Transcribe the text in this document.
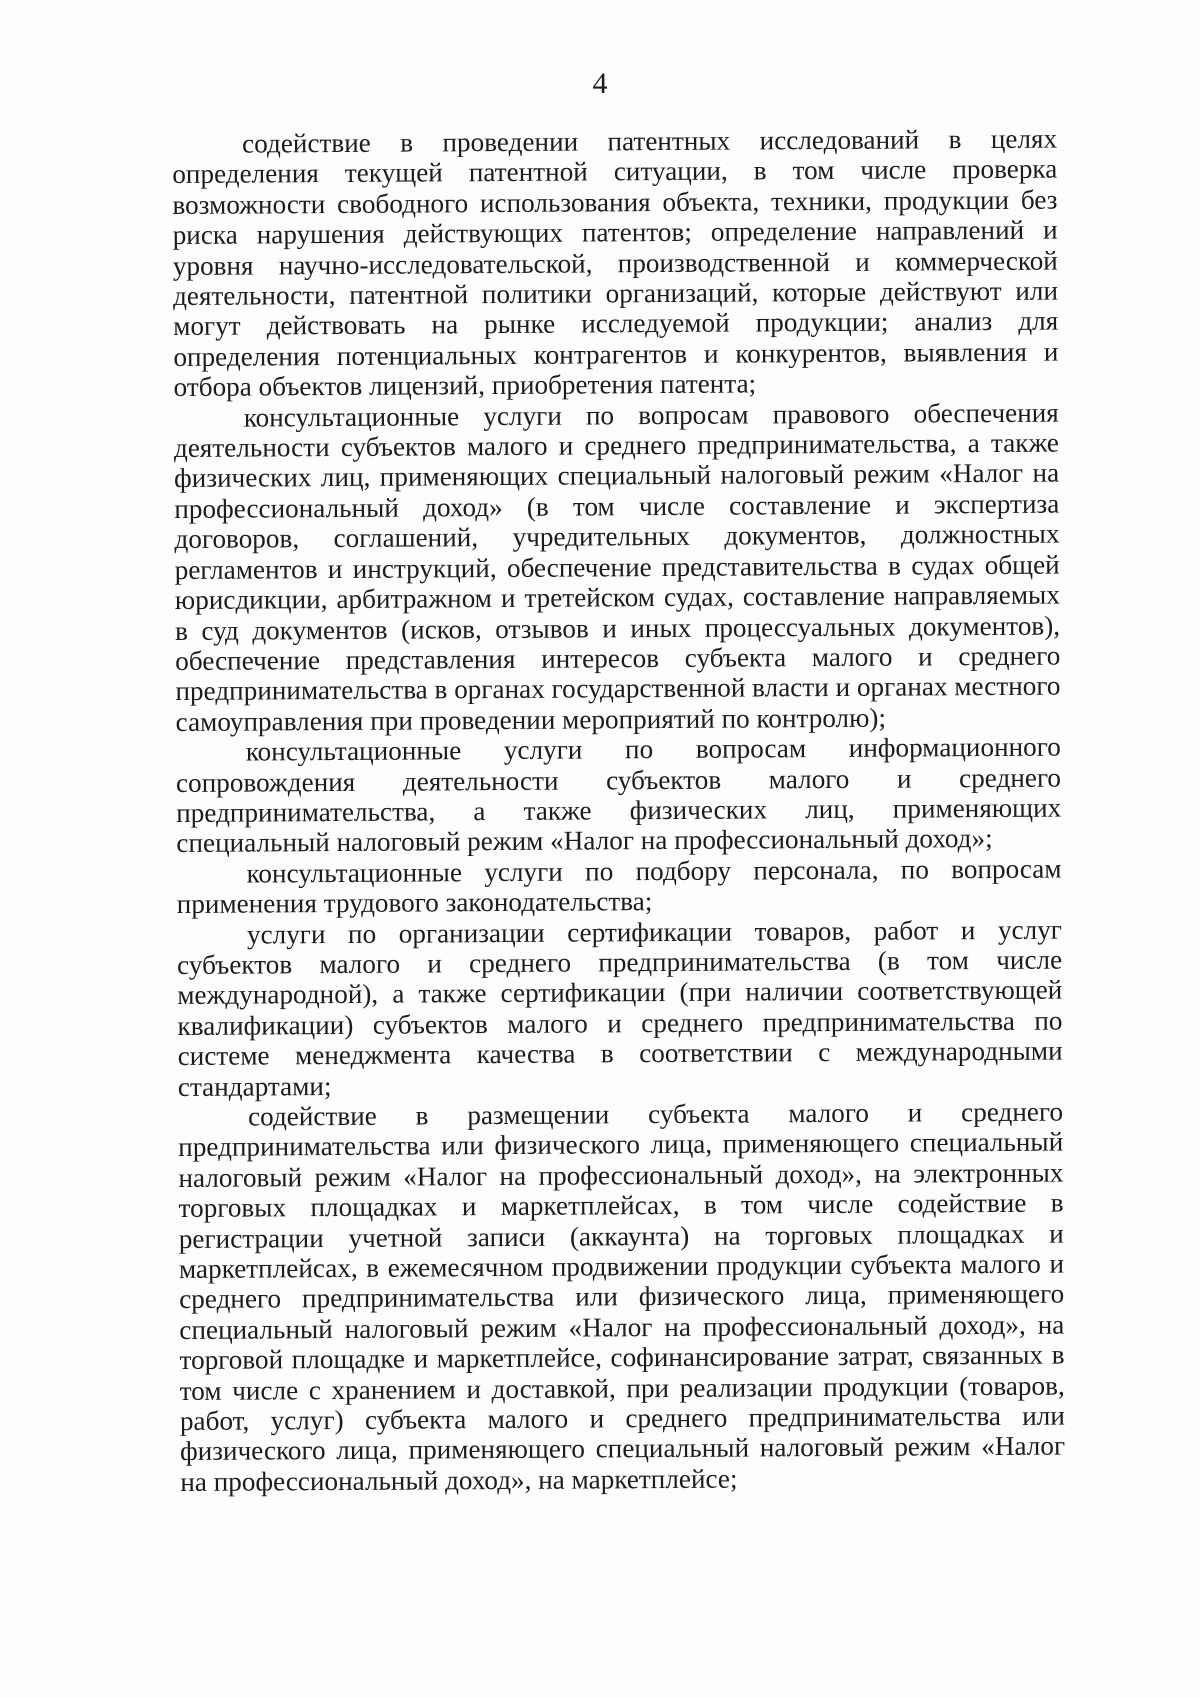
4

содействие в проведении патентных исследований в целях определения текущей патентной ситуации, в том числе проверка возможности свободного использования объекта, техники, продукции без риска нарушения действующих патентов; определение направлений и уровня научно-исследовательской, производственной и коммерческой деятельности, патентной политики организаций, которые действуют или могут действовать на рынке исследуемой продукции; анализ для определения потенциальных контрагентов и конкурентов, выявления и отбора объектов лицензий, приобретения патента;

консультационные услуги по вопросам правового обеспечения деятельности субъектов малого и среднего предпринимательства, а также физических лиц, применяющих специальный налоговый режим «Налог на профессиональный доход» (в том числе составление и экспертиза договоров, соглашений, учредительных документов, должностных регламентов и инструкций, обеспечение представительства в судах общей юрисдикции, арбитражном и третейском судах, составление направляемых в суд документов (исков, отзывов и иных процессуальных документов), обеспечение представления интересов субъекта малого и среднего предпринимательства в органах государственной власти и органах местного самоуправления при проведении мероприятий по контролю);

консультационные услуги по вопросам информационного сопровождения деятельности субъектов малого и среднего предпринимательства, а также физических лиц, применяющих специальный налоговый режим «Налог на профессиональный доход»;

консультационные услуги по подбору персонала, по вопросам применения трудового законодательства;

услуги по организации сертификации товаров, работ и услуг субъектов малого и среднего предпринимательства (в том числе международной), а также сертификации (при наличии соответствующей квалификации) субъектов малого и среднего предпринимательства по системе менеджмента качества в соответствии с международными стандартами;

содействие в размещении субъекта малого и среднего предпринимательства или физического лица, применяющего специальный налоговый режим «Налог на профессиональный доход», на электронных торговых площадках и маркетплейсах, в том числе содействие в регистрации учетной записи (аккаунта) на торговых площадках и маркетплейсах, в ежемесячном продвижении продукции субъекта малого и среднего предпринимательства или физического лица, применяющего специальный налоговый режим «Налог на профессиональный доход», на торговой площадке и маркетплейсе, софинансирование затрат, связанных в том числе с хранением и доставкой, при реализации продукции (товаров, работ, услуг) субъекта малого и среднего предпринимательства или физического лица, применяющего специальный налоговый режим «Налог на профессиональный доход», на маркетплейсе;
